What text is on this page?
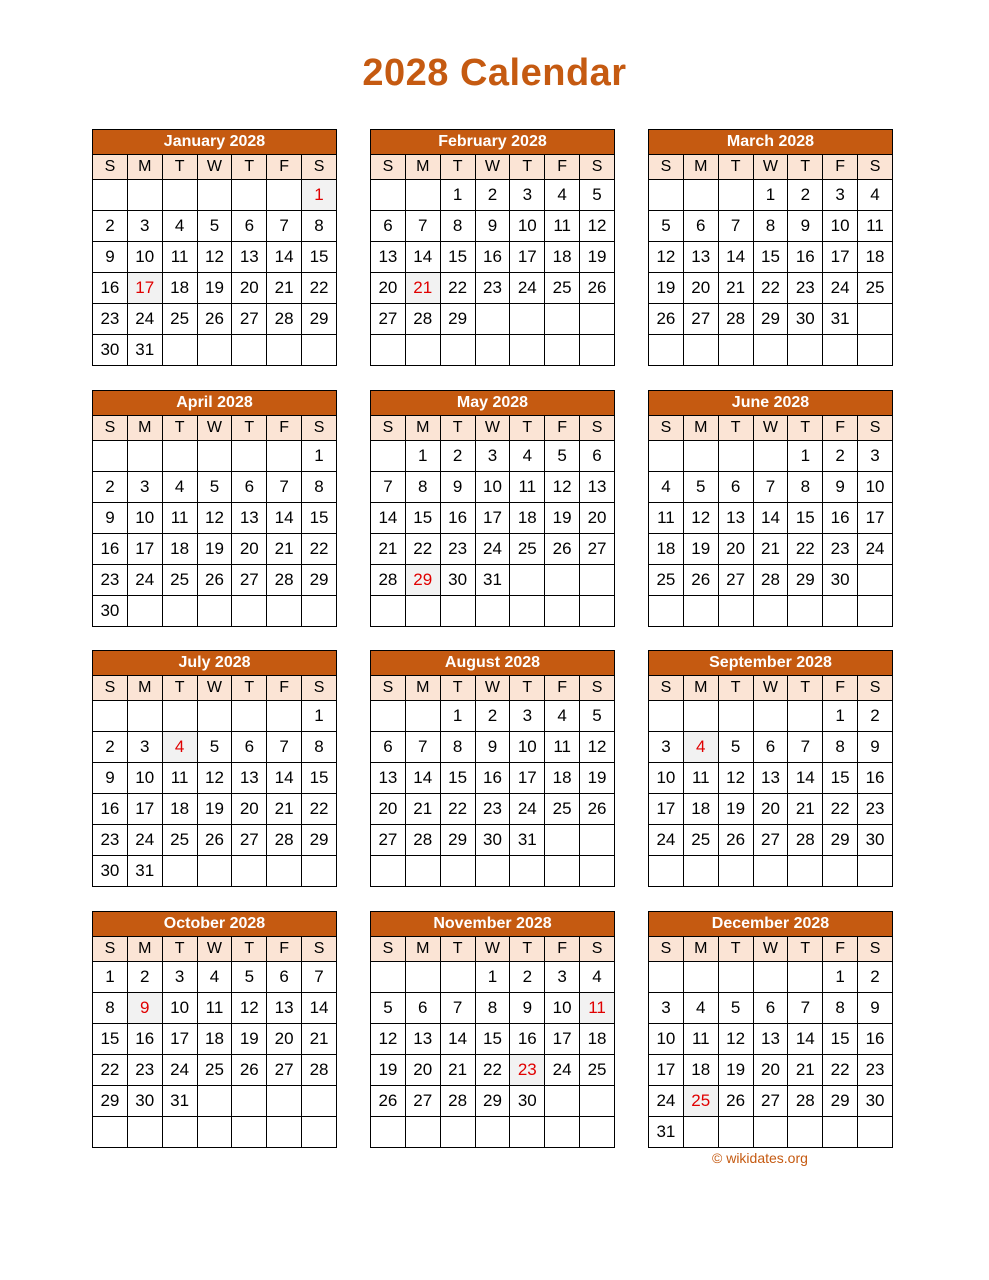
2028 Calendar
January 2028						
S	M	T	W	T	F	S
						1
2	3	4	5	6	7	8
9	10	11	12	13	14	15
16	17	18	19	20	21	22
23	24	25	26	27	28	29
30	31					
February 2028						
S	M	T	W	T	F	S
		1	2	3	4	5
6	7	8	9	10	11	12
13	14	15	16	17	18	19
20	21	22	23	24	25	26
27	28	29				

March 2028						
S	M	T	W	T	F	S
			1	2	3	4
5	6	7	8	9	10	11
12	13	14	15	16	17	18
19	20	21	22	23	24	25
26	27	28	29	30	31	

April 2028						
S	M	T	W	T	F	S
						1
2	3	4	5	6	7	8
9	10	11	12	13	14	15
16	17	18	19	20	21	22
23	24	25	26	27	28	29
30						
May 2028						
S	M	T	W	T	F	S
	1	2	3	4	5	6
7	8	9	10	11	12	13
14	15	16	17	18	19	20
21	22	23	24	25	26	27
28	29	30	31			

June 2028						
S	M	T	W	T	F	S
				1	2	3
4	5	6	7	8	9	10
11	12	13	14	15	16	17
18	19	20	21	22	23	24
25	26	27	28	29	30	

July 2028						
S	M	T	W	T	F	S
						1
2	3	4	5	6	7	8
9	10	11	12	13	14	15
16	17	18	19	20	21	22
23	24	25	26	27	28	29
30	31					
August 2028						
S	M	T	W	T	F	S
		1	2	3	4	5
6	7	8	9	10	11	12
13	14	15	16	17	18	19
20	21	22	23	24	25	26
27	28	29	30	31		

September 2028						
S	M	T	W	T	F	S
					1	2
3	4	5	6	7	8	9
10	11	12	13	14	15	16
17	18	19	20	21	22	23
24	25	26	27	28	29	30

October 2028						
S	M	T	W	T	F	S
1	2	3	4	5	6	7
8	9	10	11	12	13	14
15	16	17	18	19	20	21
22	23	24	25	26	27	28
29	30	31				

November 2028						
S	M	T	W	T	F	S
			1	2	3	4
5	6	7	8	9	10	11
12	13	14	15	16	17	18
19	20	21	22	23	24	25
26	27	28	29	30		

December 2028						
S	M	T	W	T	F	S
					1	2
3	4	5	6	7	8	9
10	11	12	13	14	15	16
17	18	19	20	21	22	23
24	25	26	27	28	29	30
31						
© wikidates.org
